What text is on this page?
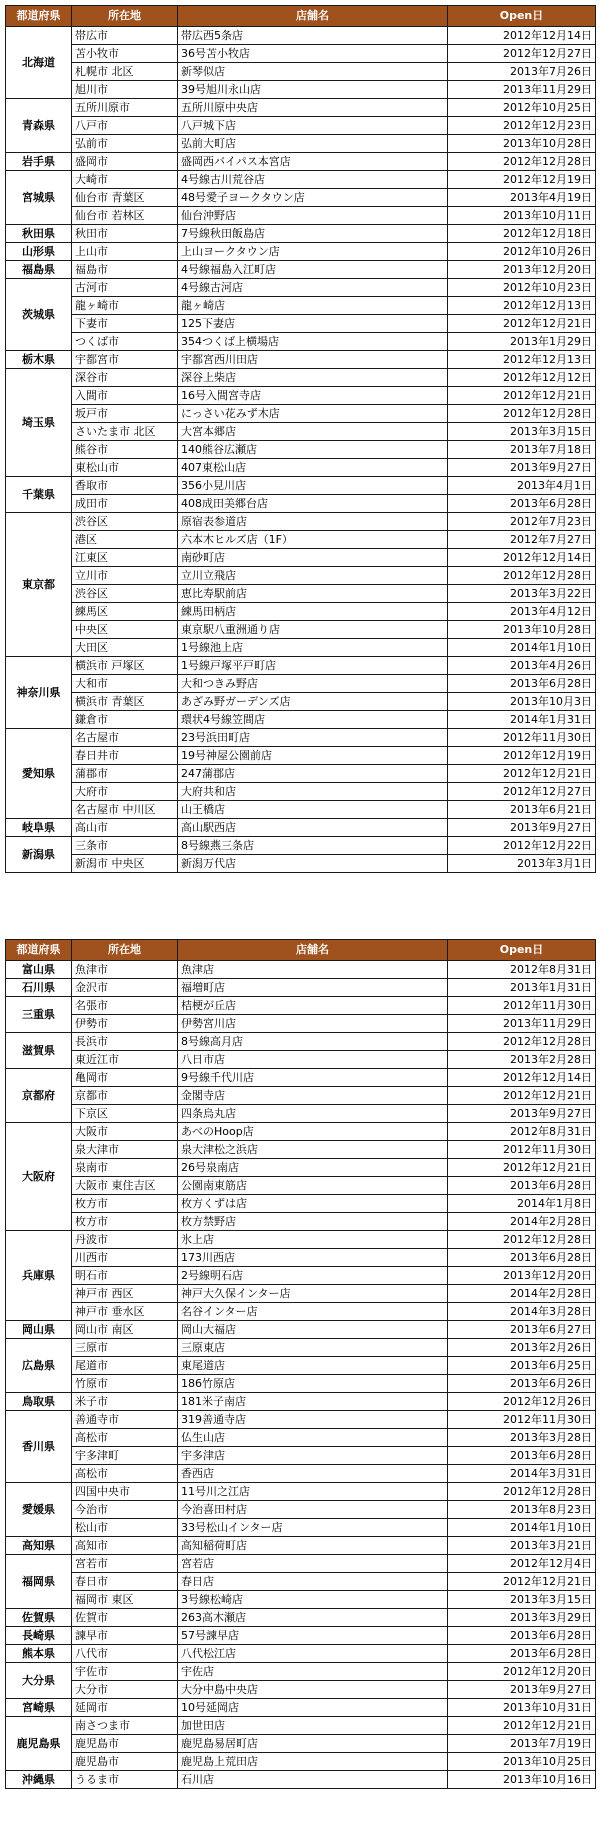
都道府県	所在地	店舗名	Open日
北海道	帯広市	帯広西5条店	2012年12月14日
	苫小牧市	36号苫小牧店	2012年12月27日
	札幌市 北区	新琴似店	2013年7月26日
	旭川市	39号旭川永山店	2013年11月29日
青森県	五所川原市	五所川原中央店	2012年10月25日
	八戸市	八戸城下店	2012年12月23日
	弘前市	弘前大町店	2013年10月28日
岩手県	盛岡市	盛岡西バイパス本宮店	2012年12月28日
宮城県	大崎市	4号線古川荒谷店	2012年12月19日
	仙台市 青葉区	48号愛子ヨークタウン店	2013年4月19日
	仙台市 若林区	仙台沖野店	2013年10月11日
秋田県	秋田市	7号線秋田飯島店	2012年12月18日
山形県	上山市	上山ヨークタウン店	2012年10月26日
福島県	福島市	4号線福島入江町店	2013年12月20日
茨城県	古河市	4号線古河店	2012年10月23日
	龍ヶ崎市	龍ヶ崎店	2012年12月13日
	下妻市	125下妻店	2012年12月21日
	つくば市	354つくば上横場店	2013年1月29日
栃木県	宇都宮市	宇都宮西川田店	2012年12月13日
埼玉県	深谷市	深谷上柴店	2012年12月12日
	入間市	16号入間宮寺店	2012年12月21日
	坂戸市	にっさい花みず木店	2012年12月28日
	さいたま市 北区	大宮本郷店	2013年3月15日
	熊谷市	140熊谷広瀬店	2013年7月18日
	東松山市	407東松山店	2013年9月27日
千葉県	香取市	356小見川店	2013年4月1日
	成田市	408成田美郷台店	2013年6月28日
東京都	渋谷区	原宿表参道店	2012年7月23日
	港区	六本木ヒルズ店（1F）	2012年7月27日
	江東区	南砂町店	2012年12月14日
	立川市	立川立飛店	2012年12月28日
	渋谷区	恵比寿駅前店	2013年3月22日
	練馬区	練馬田柄店	2013年4月12日
	中央区	東京駅八重洲通り店	2013年10月28日
	大田区	1号線池上店	2014年1月10日
神奈川県	横浜市 戸塚区	1号線戸塚平戸町店	2013年4月26日
	大和市	大和つきみ野店	2013年6月28日
	横浜市 青葉区	あざみ野ガーデンズ店	2013年10月3日
	鎌倉市	環状4号線笠間店	2014年1月31日
愛知県	名古屋市	23号浜田町店	2012年11月30日
	春日井市	19号神屋公園前店	2012年12月19日
	蒲郡市	247蒲郡店	2012年12月21日
	大府市	大府共和店	2012年12月27日
	名古屋市 中川区	山王橋店	2013年6月21日
岐阜県	高山市	高山駅西店	2013年9月27日
新潟県	三条市	8号線燕三条店	2012年12月22日
	新潟市 中央区	新潟万代店	2013年3月1日
都道府県	所在地	店舗名	Open日
富山県	魚津市	魚津店	2012年8月31日
石川県	金沢市	福増町店	2013年1月31日
三重県	名張市	桔梗が丘店	2012年11月30日
	伊勢市	伊勢宮川店	2013年11月29日
滋賀県	長浜市	8号線高月店	2012年12月28日
	東近江市	八日市店	2013年2月28日
京都府	亀岡市	9号線千代川店	2012年12月14日
	京都市	金閣寺店	2012年12月21日
	下京区	四条烏丸店	2013年9月27日
大阪府	大阪市	あべのHoop店	2012年8月31日
	泉大津市	泉大津松之浜店	2012年11月30日
	泉南市	26号泉南店	2012年12月21日
	大阪市 東住吉区	公園南東筋店	2013年6月28日
	枚方市	枚方くずは店	2014年1月8日
	枚方市	枚方禁野店	2014年2月28日
兵庫県	丹波市	氷上店	2012年12月28日
	川西市	173川西店	2013年6月28日
	明石市	2号線明石店	2013年12月20日
	神戸市 西区	神戸大久保インター店	2014年2月28日
	神戸市 垂水区	名谷インター店	2014年3月28日
岡山県	岡山市 南区	岡山大福店	2013年6月27日
広島県	三原市	三原東店	2013年2月26日
	尾道市	東尾道店	2013年6月25日
	竹原市	186竹原店	2013年6月26日
鳥取県	米子市	181米子南店	2012年12月26日
香川県	善通寺市	319善通寺店	2012年11月30日
	高松市	仏生山店	2013年3月28日
	宇多津町	宇多津店	2013年6月28日
	高松市	香西店	2014年3月31日
愛媛県	四国中央市	11号川之江店	2012年12月28日
	今治市	今治喜田村店	2013年8月23日
	松山市	33号松山インター店	2014年1月10日
高知県	高知市	高知稲荷町店	2013年3月21日
福岡県	宮若市	宮若店	2012年12月4日
	春日市	春日店	2012年12月21日
	福岡市 東区	3号線松崎店	2013年3月15日
佐賀県	佐賀市	263高木瀬店	2013年3月29日
長崎県	諫早市	57号諫早店	2013年6月28日
熊本県	八代市	八代松江店	2013年6月28日
大分県	宇佐市	宇佐店	2012年12月20日
	大分市	大分中島中央店	2013年9月27日
宮崎県	延岡市	10号延岡店	2013年10月31日
鹿児島県	南さつま市	加世田店	2012年12月21日
	鹿児島市	鹿児島易居町店	2013年7月19日
	鹿児島市	鹿児島上荒田店	2013年10月25日
沖縄県	うるま市	石川店	2013年10月16日
